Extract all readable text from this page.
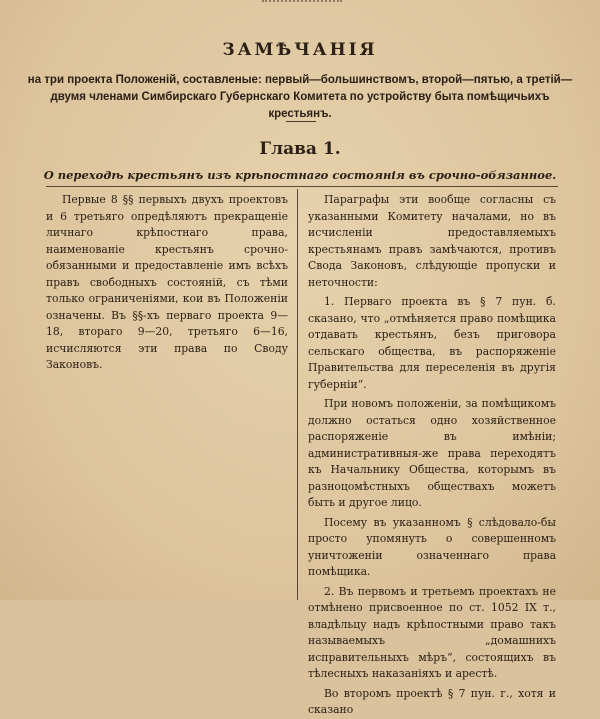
ЗАМѢЧАНІЯ
на три проекта Положеній, составленые: первый—большинствомъ, второй—пятью, а третій—
двумя членами Симбирскаго Губернскаго Комитета по устройству быта помѣщичьихъ крестьянъ.
Глава 1.
О переходѣ крестьянъ изъ крѣпостнаго состоянія въ срочно-обязанное.

Первые 8 §§ первыхъ двухъ проектовъ и 6 третьяго опредѣляютъ прекращеніе личнаго крѣпостнаго права, наименованіе крестьянъ срочно-обязанными и предоставленіе имъ всѣхъ правъ свободныхъ состояній, съ тѣми только ограниченіями, кои въ Положеніи означены. Въ §§-хъ перваго проекта 9—18, втораго 9—20, третьяго 6—16, исчисляются эти права по Своду Законовъ.

Параграфы эти вообще согласны съ указанными Комитету началами, но въ исчисленіи предоставляемыхъ крестьянамъ правъ замѣчаются, противъ Свода Законовъ, слѣдующіе пропуски и неточности:

1. Перваго проекта въ § 7 пун. б. сказано, что „отмѣняется право помѣщика отдавать крестьянъ, безъ приговора сельскаго общества, въ распоряженіе Правительства для переселенія въ другія губерніи“.

При новомъ положеніи, за помѣщикомъ должно остаться одно хозяйственное распоряженіе въ имѣніи; административныя-же права переходятъ къ Начальнику Общества, которымъ въ разноцомѣстныхъ обществахъ можетъ быть и другое лицо.

Посему въ указанномъ § слѣдовало-бы просто упомянуть о совершенномъ уничтоженіи означеннаго права помѣщика.

2. Въ первомъ и третьемъ проектахъ не отмѣнено присвоенное по ст. 1052 IX т., владѣльцу надъ крѣпостными право такъ называемыхъ „домашнихъ исправительныхъ мѣръ“, состоящихъ въ тѣлесныхъ наказаніяхъ и арестѣ.

Во второмъ проектѣ § 7 пун. г., хотя и сказано
